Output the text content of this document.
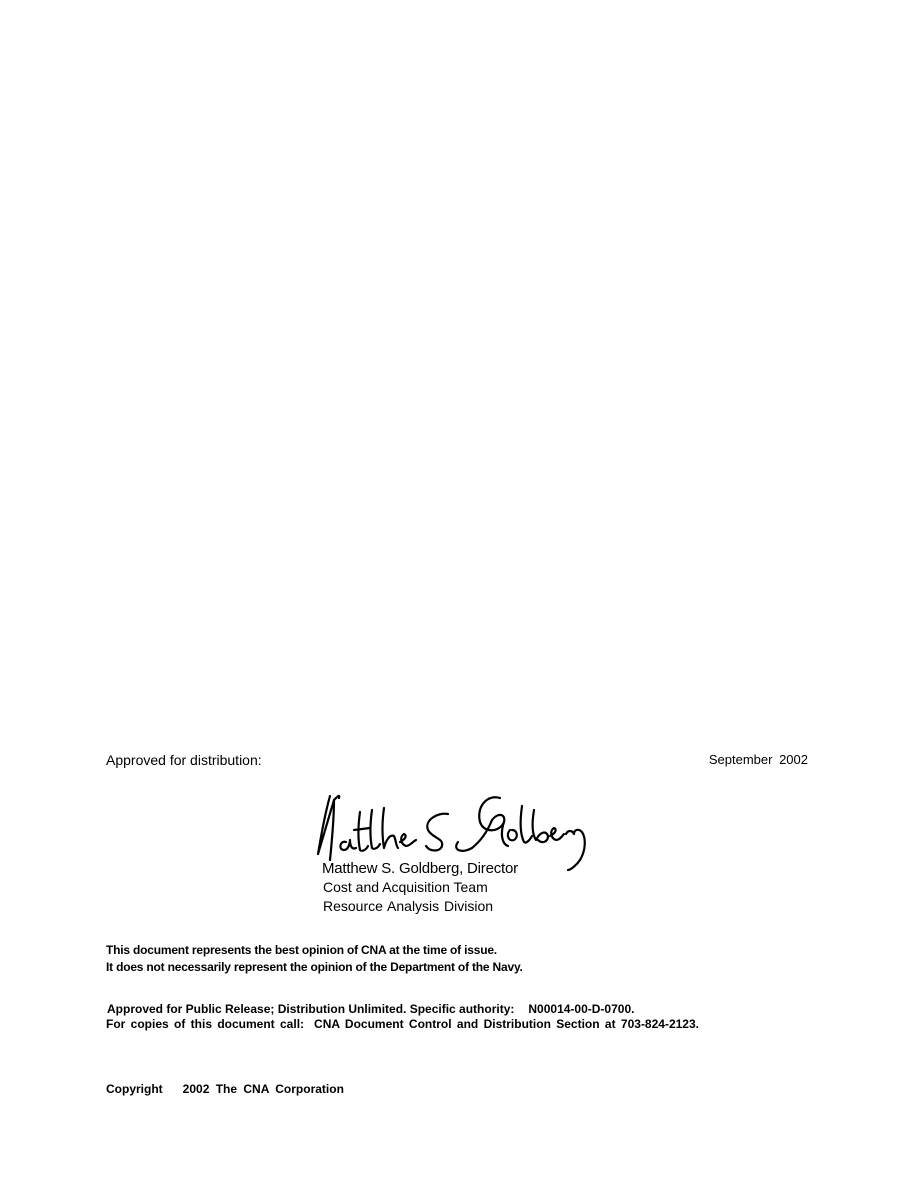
Approved for distribution:	September 2002
Matthew S. Goldberg, Director
Cost and Acquisition Team
Resource Analysis Division
This document represents the best opinion of CNA at the time of issue.
It does not necessarily represent the opinion of the Department of the Navy.
Approved for Public Release; Distribution Unlimited. Specific authority: N00014-00-D-0700.
For copies of this document call: CNA Document Control and Distribution Section at 703-824-2123.
Copyright 2002 The CNA Corporation
